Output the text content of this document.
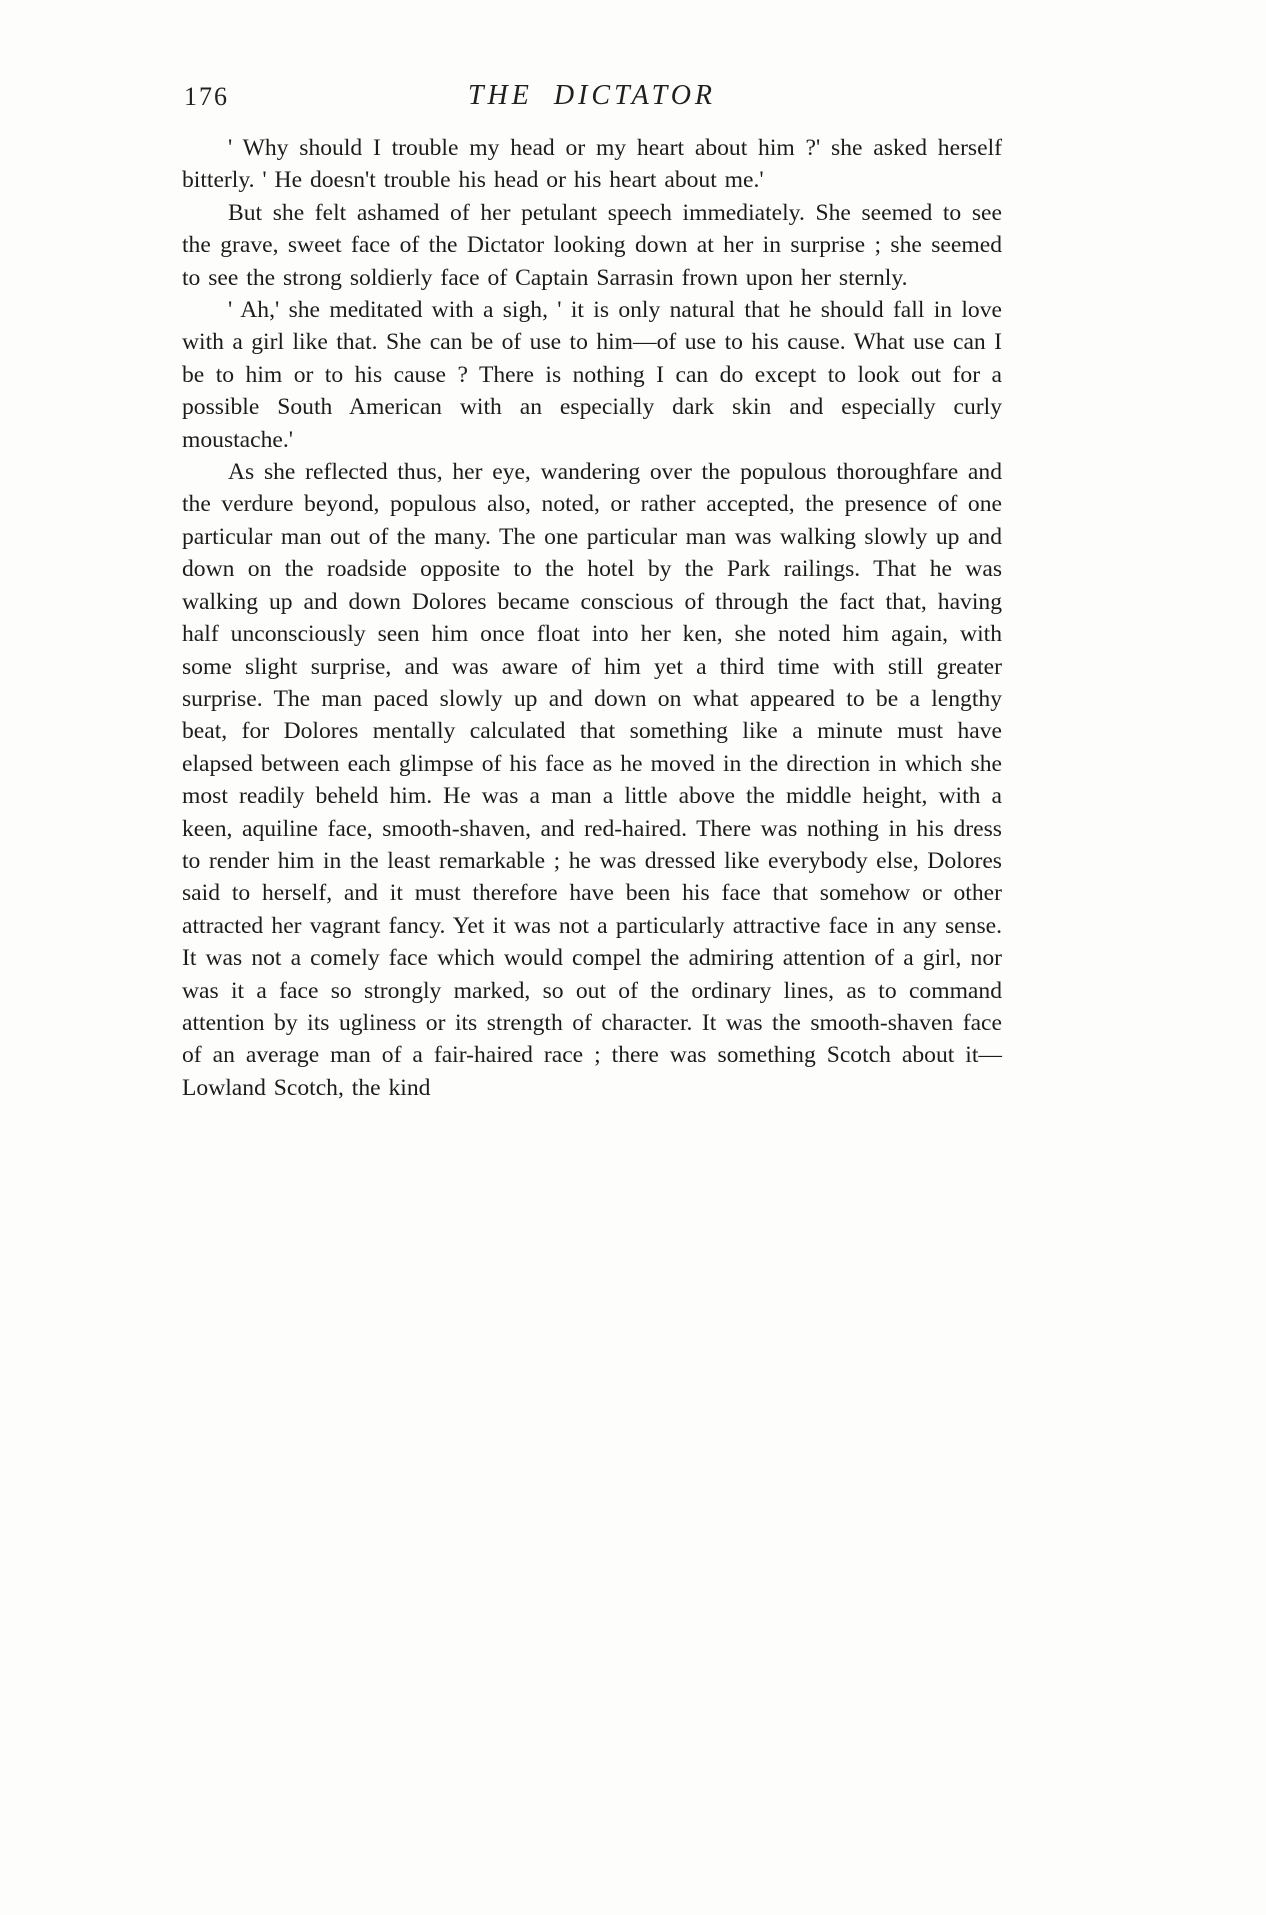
176	THE DICTATOR

' Why should I trouble my head or my heart about him ?' she asked herself bitterly. ' He doesn't trouble his head or his heart about me.'

But she felt ashamed of her petulant speech immediately. She seemed to see the grave, sweet face of the Dictator looking down at her in surprise ; she seemed to see the strong soldierly face of Captain Sarrasin frown upon her sternly.

' Ah,' she meditated with a sigh, ' it is only natural that he should fall in love with a girl like that. She can be of use to him—of use to his cause. What use can I be to him or to his cause ? There is nothing I can do except to look out for a possible South American with an especially dark skin and especially curly moustache.'

As she reflected thus, her eye, wandering over the populous thoroughfare and the verdure beyond, populous also, noted, or rather accepted, the presence of one particular man out of the many. The one particular man was walking slowly up and down on the roadside opposite to the hotel by the Park railings. That he was walking up and down Dolores became conscious of through the fact that, having half unconsciously seen him once float into her ken, she noted him again, with some slight surprise, and was aware of him yet a third time with still greater surprise. The man paced slowly up and down on what appeared to be a lengthy beat, for Dolores mentally calculated that something like a minute must have elapsed between each glimpse of his face as he moved in the direction in which she most readily beheld him. He was a man a little above the middle height, with a keen, aquiline face, smooth-shaven, and red-haired. There was nothing in his dress to render him in the least remarkable ; he was dressed like everybody else, Dolores said to herself, and it must therefore have been his face that somehow or other attracted her vagrant fancy. Yet it was not a particularly attractive face in any sense. It was not a comely face which would compel the admiring attention of a girl, nor was it a face so strongly marked, so out of the ordinary lines, as to command attention by its ugliness or its strength of character. It was the smooth-shaven face of an average man of a fair-haired race ; there was something Scotch about it—Lowland Scotch, the kind
